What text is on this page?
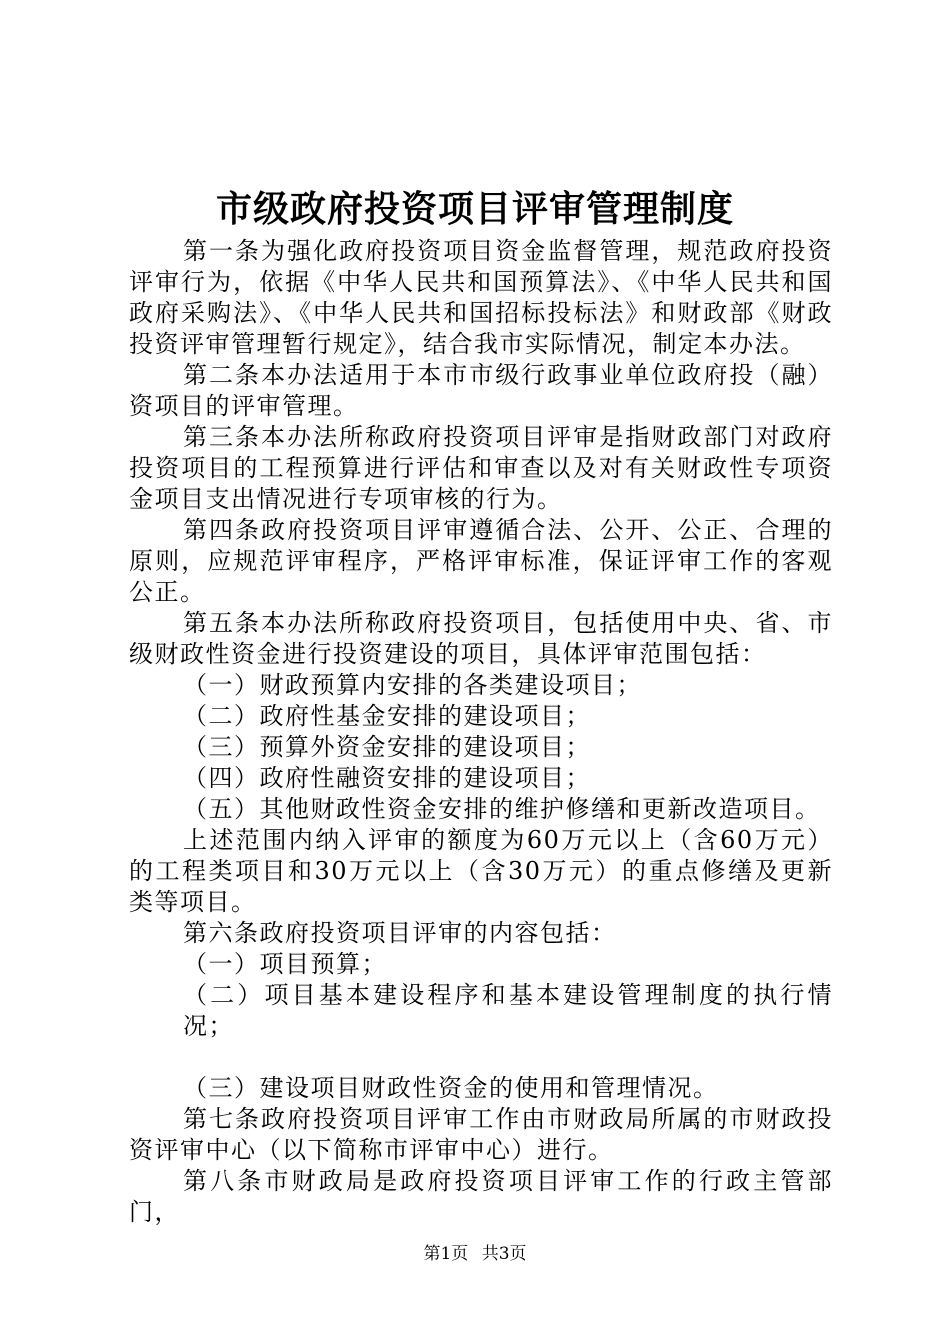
市级政府投资项目评审管理制度

第一条为强化政府投资项目资金监督管理，规范政府投资评审行为，依据《中华人民共和国预算法》、《中华人民共和国政府采购法》、《中华人民共和国招标投标法》和财政部《财政投资评审管理暂行规定》，结合我市实际情况，制定本办法。

第二条本办法适用于本市市级行政事业单位政府投（融）资项目的评审管理。

第三条本办法所称政府投资项目评审是指财政部门对政府投资项目的工程预算进行评估和审查以及对有关财政性专项资金项目支出情况进行专项审核的行为。

第四条政府投资项目评审遵循合法、公开、公正、合理的原则，应规范评审程序，严格评审标准，保证评审工作的客观公正。

第五条本办法所称政府投资项目，包括使用中央、省、市级财政性资金进行投资建设的项目，具体评审范围包括：

（一）财政预算内安排的各类建设项目；

（二）政府性基金安排的建设项目；

（三）预算外资金安排的建设项目；

（四）政府性融资安排的建设项目；

（五）其他财政性资金安排的维护修缮和更新改造项目。

上述范围内纳入评审的额度为60万元以上（含60万元）的工程类项目和30万元以上（含30万元）的重点修缮及更新类等项目。

第六条政府投资项目评审的内容包括：

（一）项目预算；

（二）项目基本建设程序和基本建设管理制度的执行情况；

（三）建设项目财政性资金的使用和管理情况。

第七条政府投资项目评审工作由市财政局所属的市财政投资评审中心（以下简称市评审中心）进行。

第八条市财政局是政府投资项目评审工作的行政主管部门，

第1页 共3页
